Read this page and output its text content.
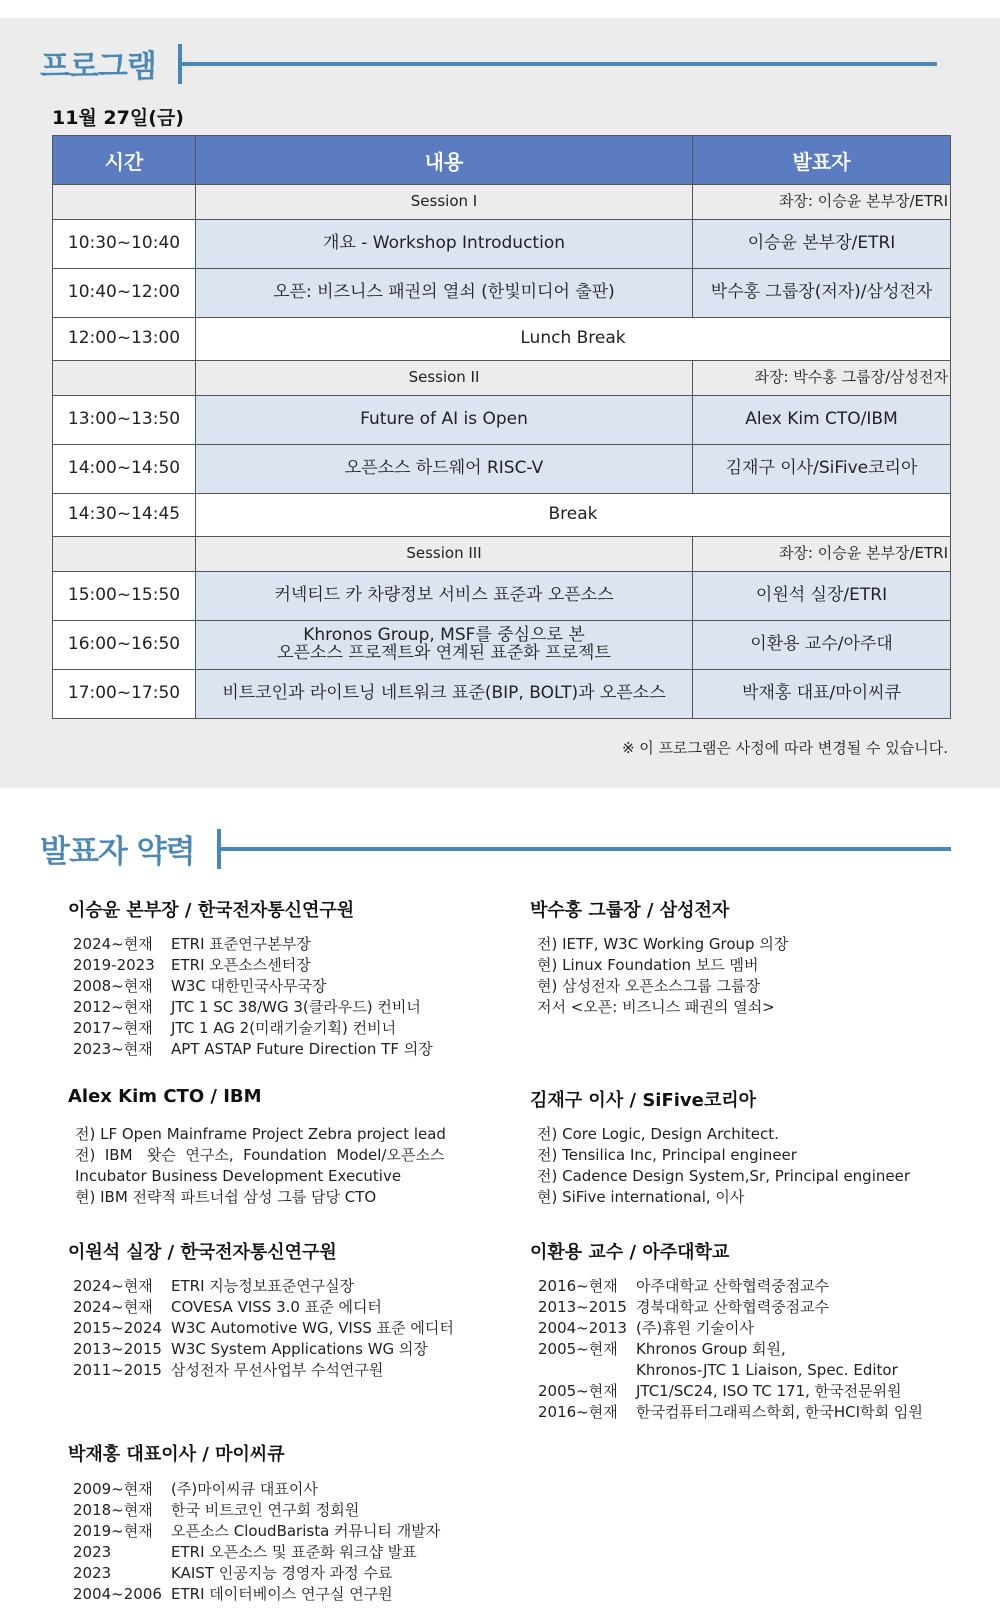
프로그램
11월 27일(금)
시간	내용	발표자
	Session I	좌장: 이승윤 본부장/ETRI
10:30~10:40	개요 - Workshop Introduction	이승윤 본부장/ETRI
10:40~12:00	오픈: 비즈니스 패권의 열쇠 (한빛미디어 출판)	박수홍 그룹장(저자)/삼성전자
12:00~13:00	Lunch Break	
	Session II	좌장: 박수홍 그룹장/삼성전자
13:00~13:50	Future of AI is Open	Alex Kim CTO/IBM
14:00~14:50	오픈소스 하드웨어 RISC-V	김재구 이사/SiFive코리아
14:30~14:45	Break	
	Session III	좌장: 이승윤 본부장/ETRI
15:00~15:50	커넥티드 카 차량정보 서비스 표준과 오픈소스	이원석 실장/ETRI
16:00~16:50	Khronos Group, MSF를 중심으로 본
오픈소스 프로젝트와 연계된 표준화 프로젝트	이환용 교수/아주대
17:00~17:50	비트코인과 라이트닝 네트워크 표준(BIP, BOLT)과 오픈소스	박재홍 대표/마이씨큐
※ 이 프로그램은 사정에 따라 변경될 수 있습니다.
발표자 약력
이승윤 본부장 / 한국전자통신연구원
2024~현재	ETRI 표준연구본부장
2019-2023	ETRI 오픈소스센터장
2008~현재	W3C 대한민국사무국장
2012~현재	JTC 1 SC 38/WG 3(클라우드) 컨비너
2017~현재	JTC 1 AG 2(미래기술기획) 컨비너
2023~현재	APT ASTAP Future Direction TF 의장
박수홍 그룹장 / 삼성전자
전) IETF, W3C Working Group 의장
현) Linux Foundation 보드 멤버
현) 삼성전자 오픈소스그룹 그룹장
저서 <오픈: 비즈니스 패권의 열쇠>
Alex Kim CTO / IBM
전) LF Open Mainframe Project Zebra project lead
전)  IBM   왓슨  연구소,  Foundation  Model/오픈소스
Incubator Business Development Executive
현) IBM 전략적 파트너쉽 삼성 그룹 담당 CTO
김재구 이사 / SiFive코리아
전) Core Logic, Design Architect.
전) Tensilica Inc, Principal engineer
전) Cadence Design System,Sr, Principal engineer
현) SiFive international, 이사
이원석 실장 / 한국전자통신연구원
2024~현재	ETRI 지능정보표준연구실장
2024~현재	COVESA VISS 3.0 표준 에디터
2015~2024 W3C Automotive WG, VISS 표준 에디터
2013~2015 W3C System Applications WG 의장
2011~2015 삼성전자 무선사업부 수석연구원
이환용 교수 / 아주대학교
2016~현재	아주대학교 산학협력중점교수
2013~2015 경북대학교 산학협력중점교수
2004~2013 (주)휴원 기술이사
2005~현재	Khronos Group 회원,
Khronos-JTC 1 Liaison, Spec. Editor
2005~현재	JTC1/SC24, ISO TC 171, 한국전문위원
2016~현재	한국컴퓨터그래픽스학회, 한국HCI학회 임원
박재홍 대표이사 / 마이씨큐
2009~현재	(주)마이씨큐 대표이사
2018~현재	한국 비트코인 연구회 정회원
2019~현재	오픈소스 CloudBarista 커뮤니티 개발자
2023	ETRI 오픈소스 및 표준화 워크샵 발표
2023	KAIST 인공지능 경영자 과정 수료
2004~2006 ETRI 데이터베이스 연구실 연구원
